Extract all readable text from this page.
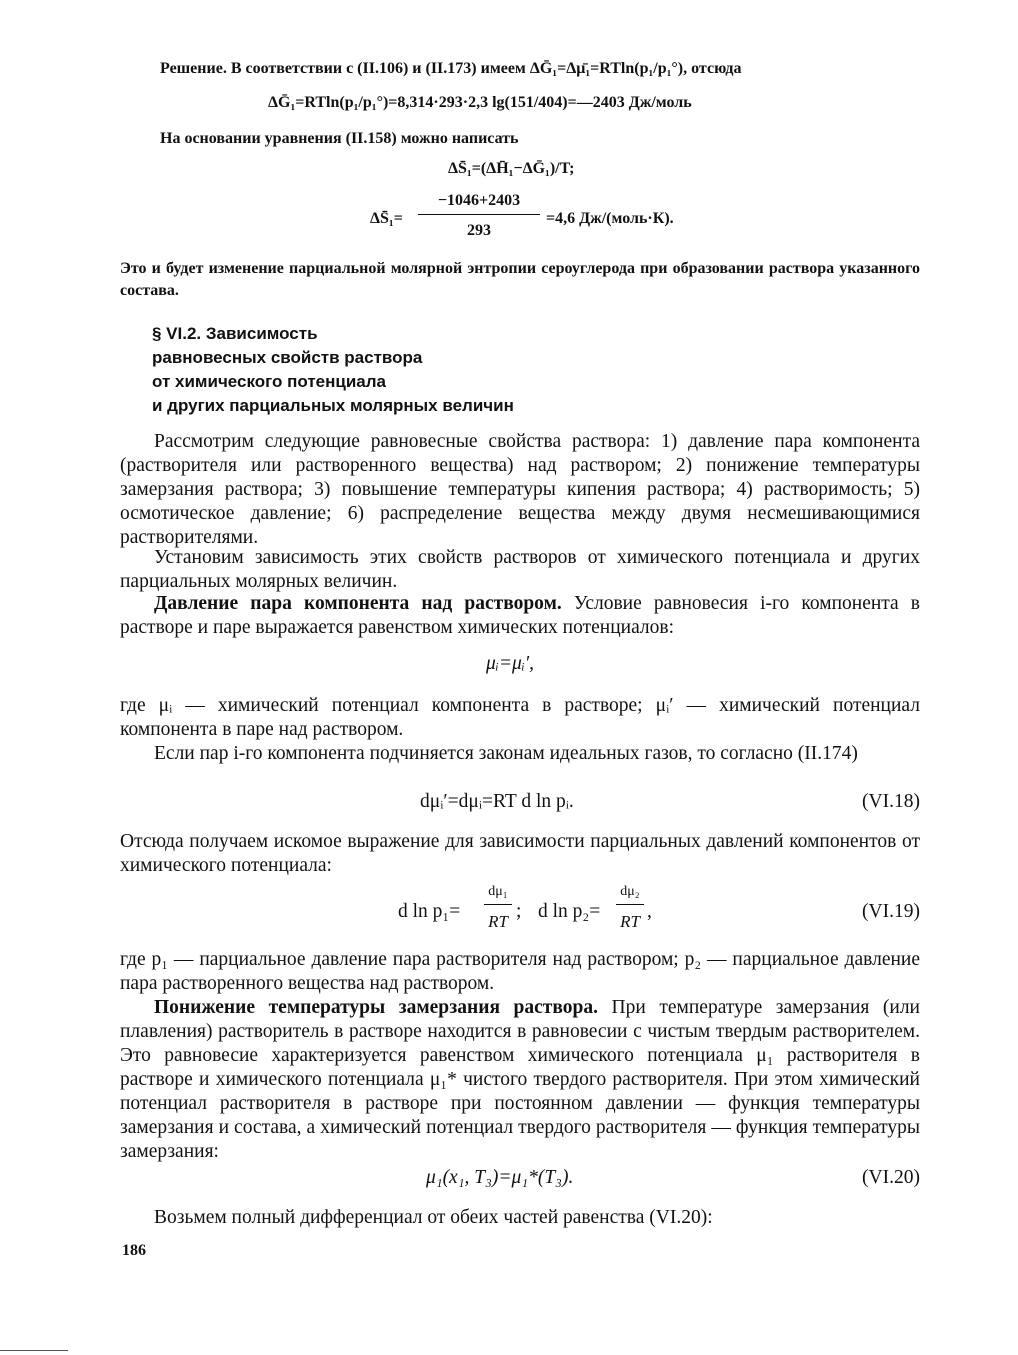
Решение. В соответствии с (II.106) и (II.173) имеем ΔḠ₁=Δμ̄₁=RTln(p₁/p₁°), отсюда
ΔḠ₁=RTln(p₁/p₁°)=8,314·293·2,3 lg(151/404)=—2403 Дж/моль
На основании уравнения (II.158) можно написать
ΔS̄₁=(ΔH̄₁−ΔḠ₁)/T;
ΔS̄₁=
−1046+2403
293
=4,6 Дж/(моль·К).
Это и будет изменение парциальной молярной энтропии сероуглерода при образовании раствора указанного состава.
§ VI.2. Зависимость
равновесных свойств раствора
от химического потенциала
и других парциальных молярных величин
Рассмотрим следующие равновесные свойства раствора: 1) давление пара компонента (растворителя или растворенного вещества) над раствором; 2) понижение температуры замерзания раствора; 3) повышение температуры кипения раствора; 4) растворимость; 5) осмотическое давление; 6) распределение вещества между двумя несмешивающимися растворителями.
Установим зависимость этих свойств растворов от химического потенциала и других парциальных молярных величин.
Давление пара компонента над раствором. Условие равновесия i-го компонента в растворе и паре выражается равенством химических потенциалов:
μᵢ=μᵢ′,
где μᵢ — химический потенциал компонента в растворе; μᵢ′ — химический потенциал компонента в паре над раствором.
Если пар i-го компонента подчиняется законам идеальных газов, то согласно (II.174)
dμᵢ′=dμᵢ=RT d ln pᵢ.	(VI.18)
Отсюда получаем искомое выражение для зависимости парциальных давлений компонентов от химического потенциала:
d ln p₁=
dμ₁
RT ; d ln p₂=
dμ₂
RT ,	(VI.19)
где p₁ — парциальное давление пара растворителя над раствором; p₂ — парциальное давление пара растворенного вещества над раствором.
Понижение температуры замерзания раствора. При температуре замерзания (или плавления) растворитель в растворе находится в равновесии с чистым твердым растворителем. Это равновесие характеризуется равенством химического потенциала μ₁ растворителя в растворе и химического потенциала μ₁* чистого твердого растворителя. При этом химический потенциал растворителя в растворе при постоянном давлении — функция температуры замерзания и состава, а химический потенциал твердого растворителя — функция температуры замерзания:
μ₁(x₁, T₃)=μ₁*(T₃).	(VI.20)
Возьмем полный дифференциал от обеих частей равенства (VI.20):
186
